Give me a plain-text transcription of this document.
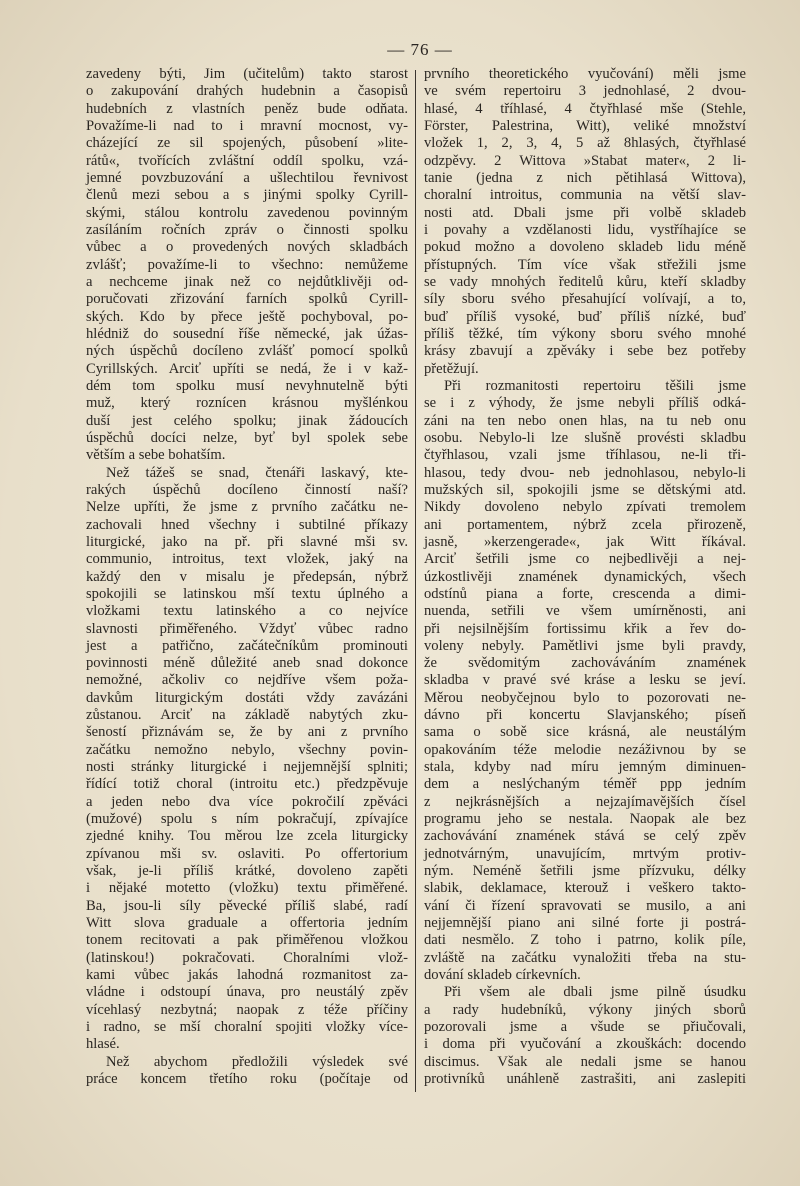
— 76 —
zavedeny býti, Jim (učitelům) takto starost
o zakupování drahých hudebnin a časopisů
hudebních z vlastních peněz bude odňata.
Považíme-li nad to i mravní mocnost, vy-
cházející ze sil spojených, působení »lite-
rátů«, tvořících zvláštní oddíl spolku, vzá-
jemné povzbuzování a ušlechtilou řevnivost
členů mezi sebou a s jinými spolky Cyrill-
skými, stálou kontrolu zavedenou povinným
zasíláním ročních zpráv o činnosti spolku
vůbec a o provedených nových skladbách
zvlášť; považíme-li to všechno: nemůžeme
a nechceme jinak než co nejdůtklivěji od-
poručovati zřizování farních spolků Cyrill-
ských. Kdo by přece ještě pochyboval, po-
hlédniž do sousední říše německé, jak úžas-
ných úspěchů docíleno zvlášť pomocí spolků
Cyrillských. Arciť upříti se nedá, že i v kaž-
dém tom spolku musí nevyhnutelně býti
muž, který roznícen krásnou myšlénkou
duší jest celého spolku; jinak žádoucích
úspěchů docíci nelze, byť byl spolek sebe
větším a sebe bohatším.
Než tážeš se snad, čtenáři laskavý, kte-
rakých úspěchů docíleno činností naší?
Nelze upříti, že jsme z prvního začátku ne-
zachovali hned všechny i subtilné příkazy
liturgické, jako na př. při slavné mši sv.
communio, introitus, text vložek, jaký na
každý den v misalu je předepsán, nýbrž
spokojili se latinskou mší textu úplného a
vložkami textu latinského a co nejvíce
slavnosti přiměřeného. Vždyť vůbec radno
jest a patřično, začátečníkům prominouti
povinnosti méně důležité aneb snad dokonce
nemožné, ačkoliv co nejdříve všem poža-
davkům liturgickým dostáti vždy zavázáni
zůstanou. Arciť na základě nabytých zku-
šeností přiznávám se, že by ani z prvního
začátku nemožno nebylo, všechny povin-
nosti stránky liturgické i nejjemnější splniti;
řídící totiž choral (introitu etc.) předzpěvuje
a jeden nebo dva více pokročilí zpěváci
(mužové) spolu s ním pokračují, zpívajíce
zjedné knihy. Tou měrou lze zcela liturgicky
zpívanou mši sv. oslaviti. Po offertorium
však, je-li příliš krátké, dovoleno zapěti
i nějaké motetto (vložku) textu přiměřené.
Ba, jsou-li síly pěvecké příliš slabé, radí
Witt slova graduale a offertoria jedním
tonem recitovati a pak přiměřenou vložkou
(latinskou!) pokračovati. Choralními vlož-
kami vůbec jakás lahodná rozmanitost za-
vládne i odstoupí únava, pro neustálý zpěv
vícehlasý nezbytná; naopak z téže příčiny
i radno, se mší choralní spojiti vložky více-
hlasé.
Než abychom předložili výsledek své
práce koncem třetího roku (počítaje od
prvního theoretického vyučování) měli jsme
ve svém repertoiru 3 jednohlasé, 2 dvou-
hlasé, 4 tříhlasé, 4 čtyřhlasé mše (Stehle,
Förster, Palestrina, Witt), veliké množství
vložek 1, 2, 3, 4, 5 až 8hlasých, čtyřhlasé
odzpěvy. 2 Wittova »Stabat mater«, 2 li-
tanie (jedna z nich pětihlasá Wittova),
choralní introitus, communia na větší slav-
nosti atd. Dbali jsme při volbě skladeb
i povahy a vzdělanosti lidu, vystříhajíce se
pokud možno a dovoleno skladeb lidu méně
přístupných. Tím více však střežili jsme
se vady mnohých ředitelů kůru, kteří skladby
síly sboru svého přesahující volívají, a to,
buď příliš vysoké, buď příliš nízké, buď
příliš těžké, tím výkony sboru svého mnohé
krásy zbavují a zpěváky i sebe bez potřeby
přetěžují.
Při rozmanitosti repertoiru těšili jsme
se i z výhody, že jsme nebyli příliš odká-
záni na ten nebo onen hlas, na tu neb onu
osobu. Nebylo-li lze slušně provésti skladbu
čtyřhlasou, vzali jsme tříhlasou, ne-li tři-
hlasou, tedy dvou- neb jednohlasou, nebylo-li
mužských sil, spokojili jsme se dětskými atd.
Nikdy dovoleno nebylo zpívati tremolem
ani portamentem, nýbrž zcela přirozeně,
jasně, »kerzengerade«, jak Witt říkával.
Arciť šetřili jsme co nejbedlivěji a nej-
úzkostlivěji znamének dynamických, všech
odstínů piana a forte, crescenda a dimi-
nuenda, setřili ve všem umírněnosti, ani
při nejsilnějším fortissimu křik a řev do-
voleny nebyly. Pamětlivi jsme byli pravdy,
že svědomitým zachováváním znamének
skladba v pravé své kráse a lesku se jeví.
Měrou neobyčejnou bylo to pozorovati ne-
dávno při koncertu Slavjanského; píseň
sama o sobě sice krásná, ale neustálým
opakováním téže melodie nezáživnou by se
stala, kdyby nad míru jemným diminuen-
dem a neslýchaným téměř ppp jedním
z nejkrásnějších a nejzajímavějších čísel
programu jeho se nestala. Naopak ale bez
zachovávání znamének stává se celý zpěv
jednotvárným, unavujícím, mrtvým protiv-
ným. Neméně šetřili jsme přízvuku, délky
slabik, deklamace, kterouž i veškero takto-
vání či řízení spravovati se musilo, a ani
nejjemnější piano ani silné forte ji postrá-
dati nesmělo. Z toho i patrno, kolik píle,
zvláště na začátku vynaložiti třeba na stu-
dování skladeb církevních.
Při všem ale dbali jsme pilně úsudku
a rady hudebníků, výkony jiných sborů
pozorovali jsme a všude se přiučovali,
i doma při vyučování a zkouškách: docendo
discimus. Však ale nedali jsme se hanou
protivníků unáhleně zastrašiti, ani zaslepiti
